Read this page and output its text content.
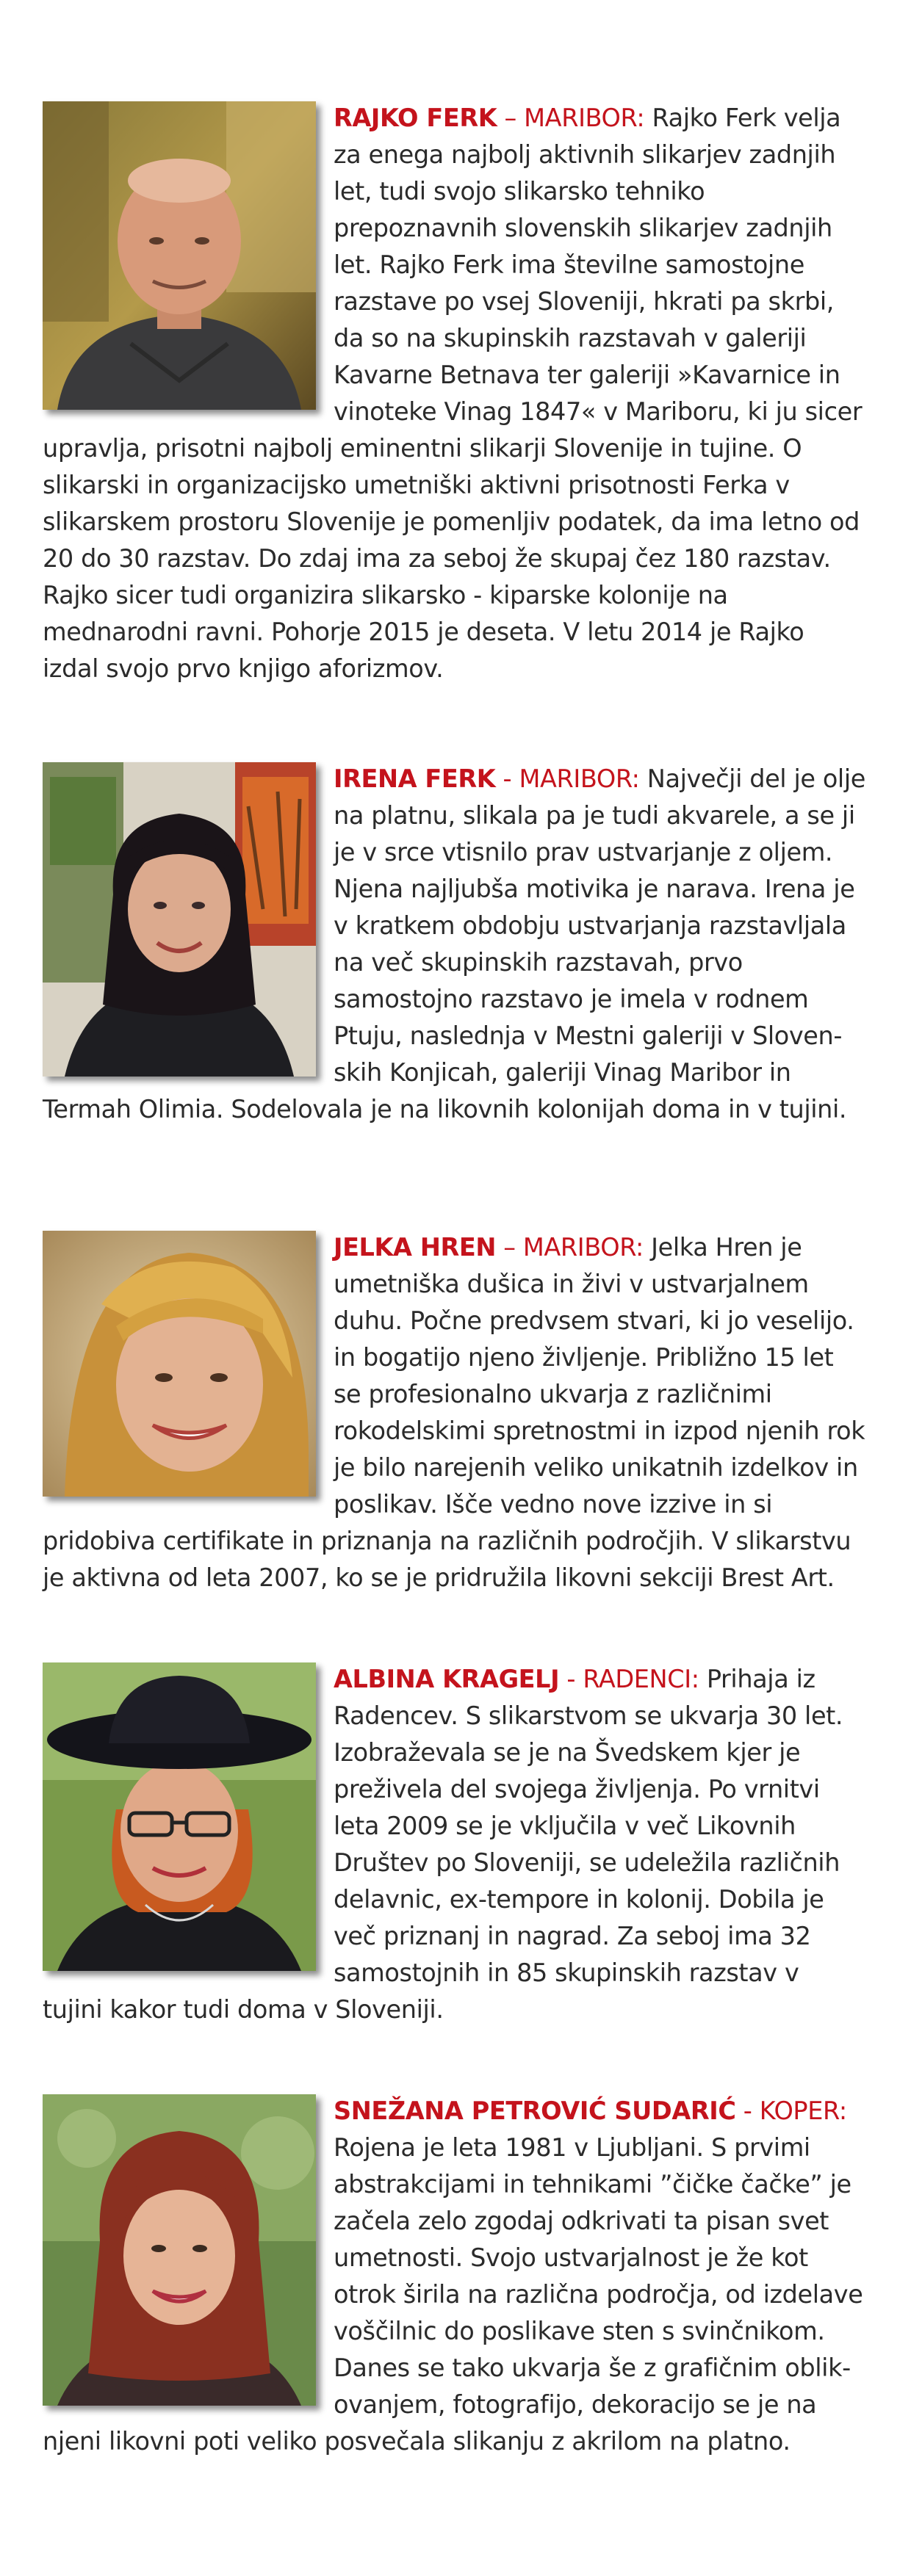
RAJKO FERK – MARIBOR: Rajko Ferk velja za enega najbolj aktivnih slikarjev zadnjih let, tudi svojo slikarsko tehniko prepoznavnih slovenskih slikarjev zadnjih let. Rajko Ferk ima številne samostojne razstave po vsej Sloveniji, hkrati pa skrbi, da so na skupinskih razstavah v galeriji Kavarne Betnava ter galeriji »Kavarnice in vinoteke Vinag 1847« v Mariboru, ki ju sicer upravlja, prisotni najbolj eminentni slikarji Slovenije in tujine. O slikarski in organizacijsko umetniški aktivni prisotnosti Ferka v slikarskem prostoru Slovenije je pomenljiv podatek, da ima letno od 20 do 30 razstav. Do zdaj ima za seboj že skupaj čez 180 razstav. Rajko sicer tudi organizira slikarsko - kiparske kolonije na mednarodni ravni. Pohorje 2015 je deseta. V letu 2014 je Rajko izdal svojo prvo knjigo aforizmov.

IRENA FERK - MARIBOR: Največji del je olje na platnu, slikala pa je tudi akvarele, a se ji je v srce vtisnilo prav ustvarjanje z oljem. Njena najljubša motivika je narava. Irena je v kratkem obdobju ustvarjanja razstavljala na več skupinskih razstavah, prvo samostojno razstavo je imela v rodnem Ptuju, naslednja v Mestni galeriji v Slovenskih Konjicah, galeriji Vinag Maribor in Termah Olimia. Sodelovala je na likovnih kolonijah doma in v tujini.

JELKA HREN – MARIBOR: Jelka Hren je umetniška dušica in živi v ustvarjalnem duhu. Počne predvsem stvari, ki jo veselijo. in bogatijo njeno življenje. Približno 15 let se profesionalno ukvarja z različnimi rokodelskimi spretnostmi in izpod njenih rok je bilo narejenih veliko unikatnih izdelkov in poslikav. Išče vedno nove izzive in si pridobiva certifikate in priznanja na različnih področjih. V slikarstvu je aktivna od leta 2007, ko se je pridružila likovni sekciji Brest Art.

ALBINA KRAGELJ - RADENCI: Prihaja iz Radencev. S slikarstvom se ukvarja 30 let. Izobraževala se je na Švedskem kjer je preživela del svojega življenja. Po vrnitvi leta 2009 se je vključila v več Likovnih Društev po Sloveniji, se udeležila različnih delavnic, ex-tempore in kolonij. Dobila je več priznanj in nagrad. Za seboj ima 32 samostojnih in 85 skupinskih razstav v tujini kakor tudi doma v Sloveniji.

SNEŽANA PETROVIĆ SUDARIĆ - KOPER: Rojena je leta 1981 v Ljubljani. S prvimi abstrakcijami in tehnikami ”čičke čačke” je začela zelo zgodaj odkrivati ta pisan svet umetnosti. Svojo ustvarjalnost je že kot otrok širila na različna področja, od izdelave voščilnic do poslikave sten s svinčnikom. Danes se tako ukvarja še z grafičnim oblikovanjem, fotografijo, dekoracijo se je na njeni likovni poti veliko posvečala slikanju z akrilom na platno.
